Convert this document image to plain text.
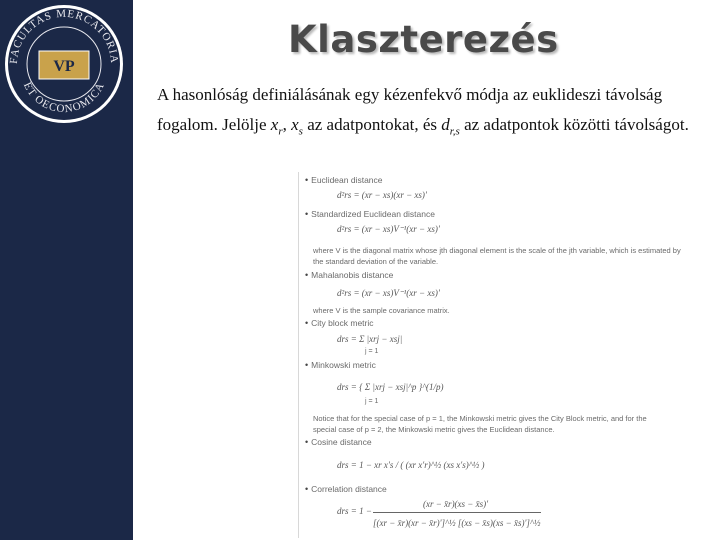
FACULTAS MERCATORIA
ET OECONOMICA
VP
Klaszterezés
A hasonlóság definiálásának egy kézenfekvő módja az euklideszi távolság fogalom. Jelölje $x_r$, $x_s$ az adatpontokat, és $d_{r,s}$ az adatpontok közötti távolságot.
• Euclidean distance
d²rs = (xr − xs)(xr − xs)'
• Standardized Euclidean distance
d²rs = (xr − xs)V⁻¹(xr − xs)'
where V is the diagonal matrix whose jth diagonal element is the scale of the jth variable, which is estimated by
the standard deviation of the variable.
• Mahalanobis distance
d²rs = (xr − xs)V⁻¹(xr − xs)'
where V is the sample covariance matrix.
• City block metric
drs = Σ |xrj − xsj|
j = 1
• Minkowski metric
drs = { Σ |xrj − xsj|^p }^(1/p)
j = 1
Notice that for the special case of p = 1, the Minkowski metric gives the City Block metric, and for the
special case of p = 2, the Minkowski metric gives the Euclidean distance.
• Cosine distance
drs = 1 − xr x's / ( (xr x'r)^½ (xs x's)^½ )
• Correlation distance
(xr − x̄r)(xs − x̄s)'
drs = 1 −
[(xr − x̄r)(xr − x̄r)']^½ [(xs − x̄s)(xs − x̄s)']^½
